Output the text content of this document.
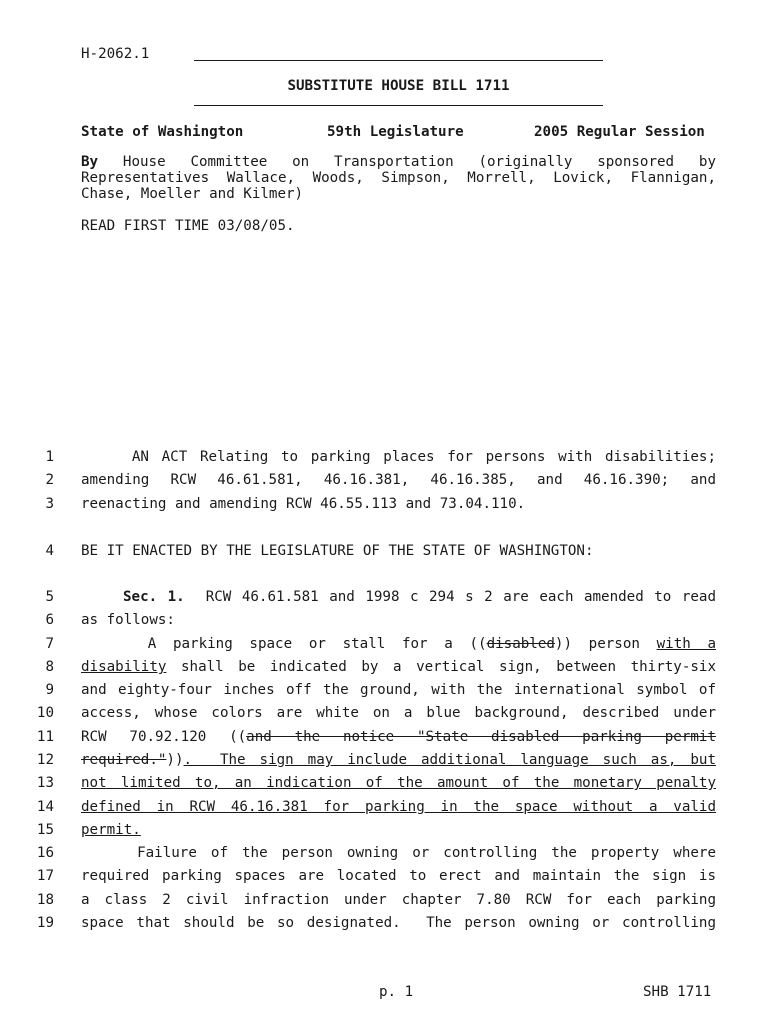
H-2062.1
SUBSTITUTE HOUSE BILL 1711
State of Washington	59th Legislature	2005 Regular Session
By House Committee on Transportation (originally sponsored by
Representatives Wallace, Woods, Simpson, Morrell, Lovick, Flannigan,
Chase, Moeller and Kilmer)
READ FIRST TIME 03/08/05.
1
2
3
4
5
6
7
8
9
10
11
12
13
14
15
16
17
18
19
AN ACT Relating to parking places for persons with disabilities;
amending RCW 46.61.581, 46.16.381, 46.16.385, and 46.16.390; and
reenacting and amending RCW 46.55.113 and 73.04.110.
BE IT ENACTED BY THE LEGISLATURE OF THE STATE OF WASHINGTON:
Sec. 1.  RCW 46.61.581 and 1998 c 294 s 2 are each amended to read
as follows:
A parking space or stall for a ((disabled)) person with a
disability shall be indicated by a vertical sign, between thirty-six
and eighty-four inches off the ground, with the international symbol of
access, whose colors are white on a blue background, described under
RCW 70.92.120 ((and the notice "State disabled parking permit
required.")).  The sign may include additional language such as, but
not limited to, an indication of the amount of the monetary penalty
defined in RCW 46.16.381 for parking in the space without a valid
permit.
Failure of the person owning or controlling the property where
required parking spaces are located to erect and maintain the sign is
a class 2 civil infraction under chapter 7.80 RCW for each parking
space that should be so designated.  The person owning or controlling
p. 1	SHB 1711
